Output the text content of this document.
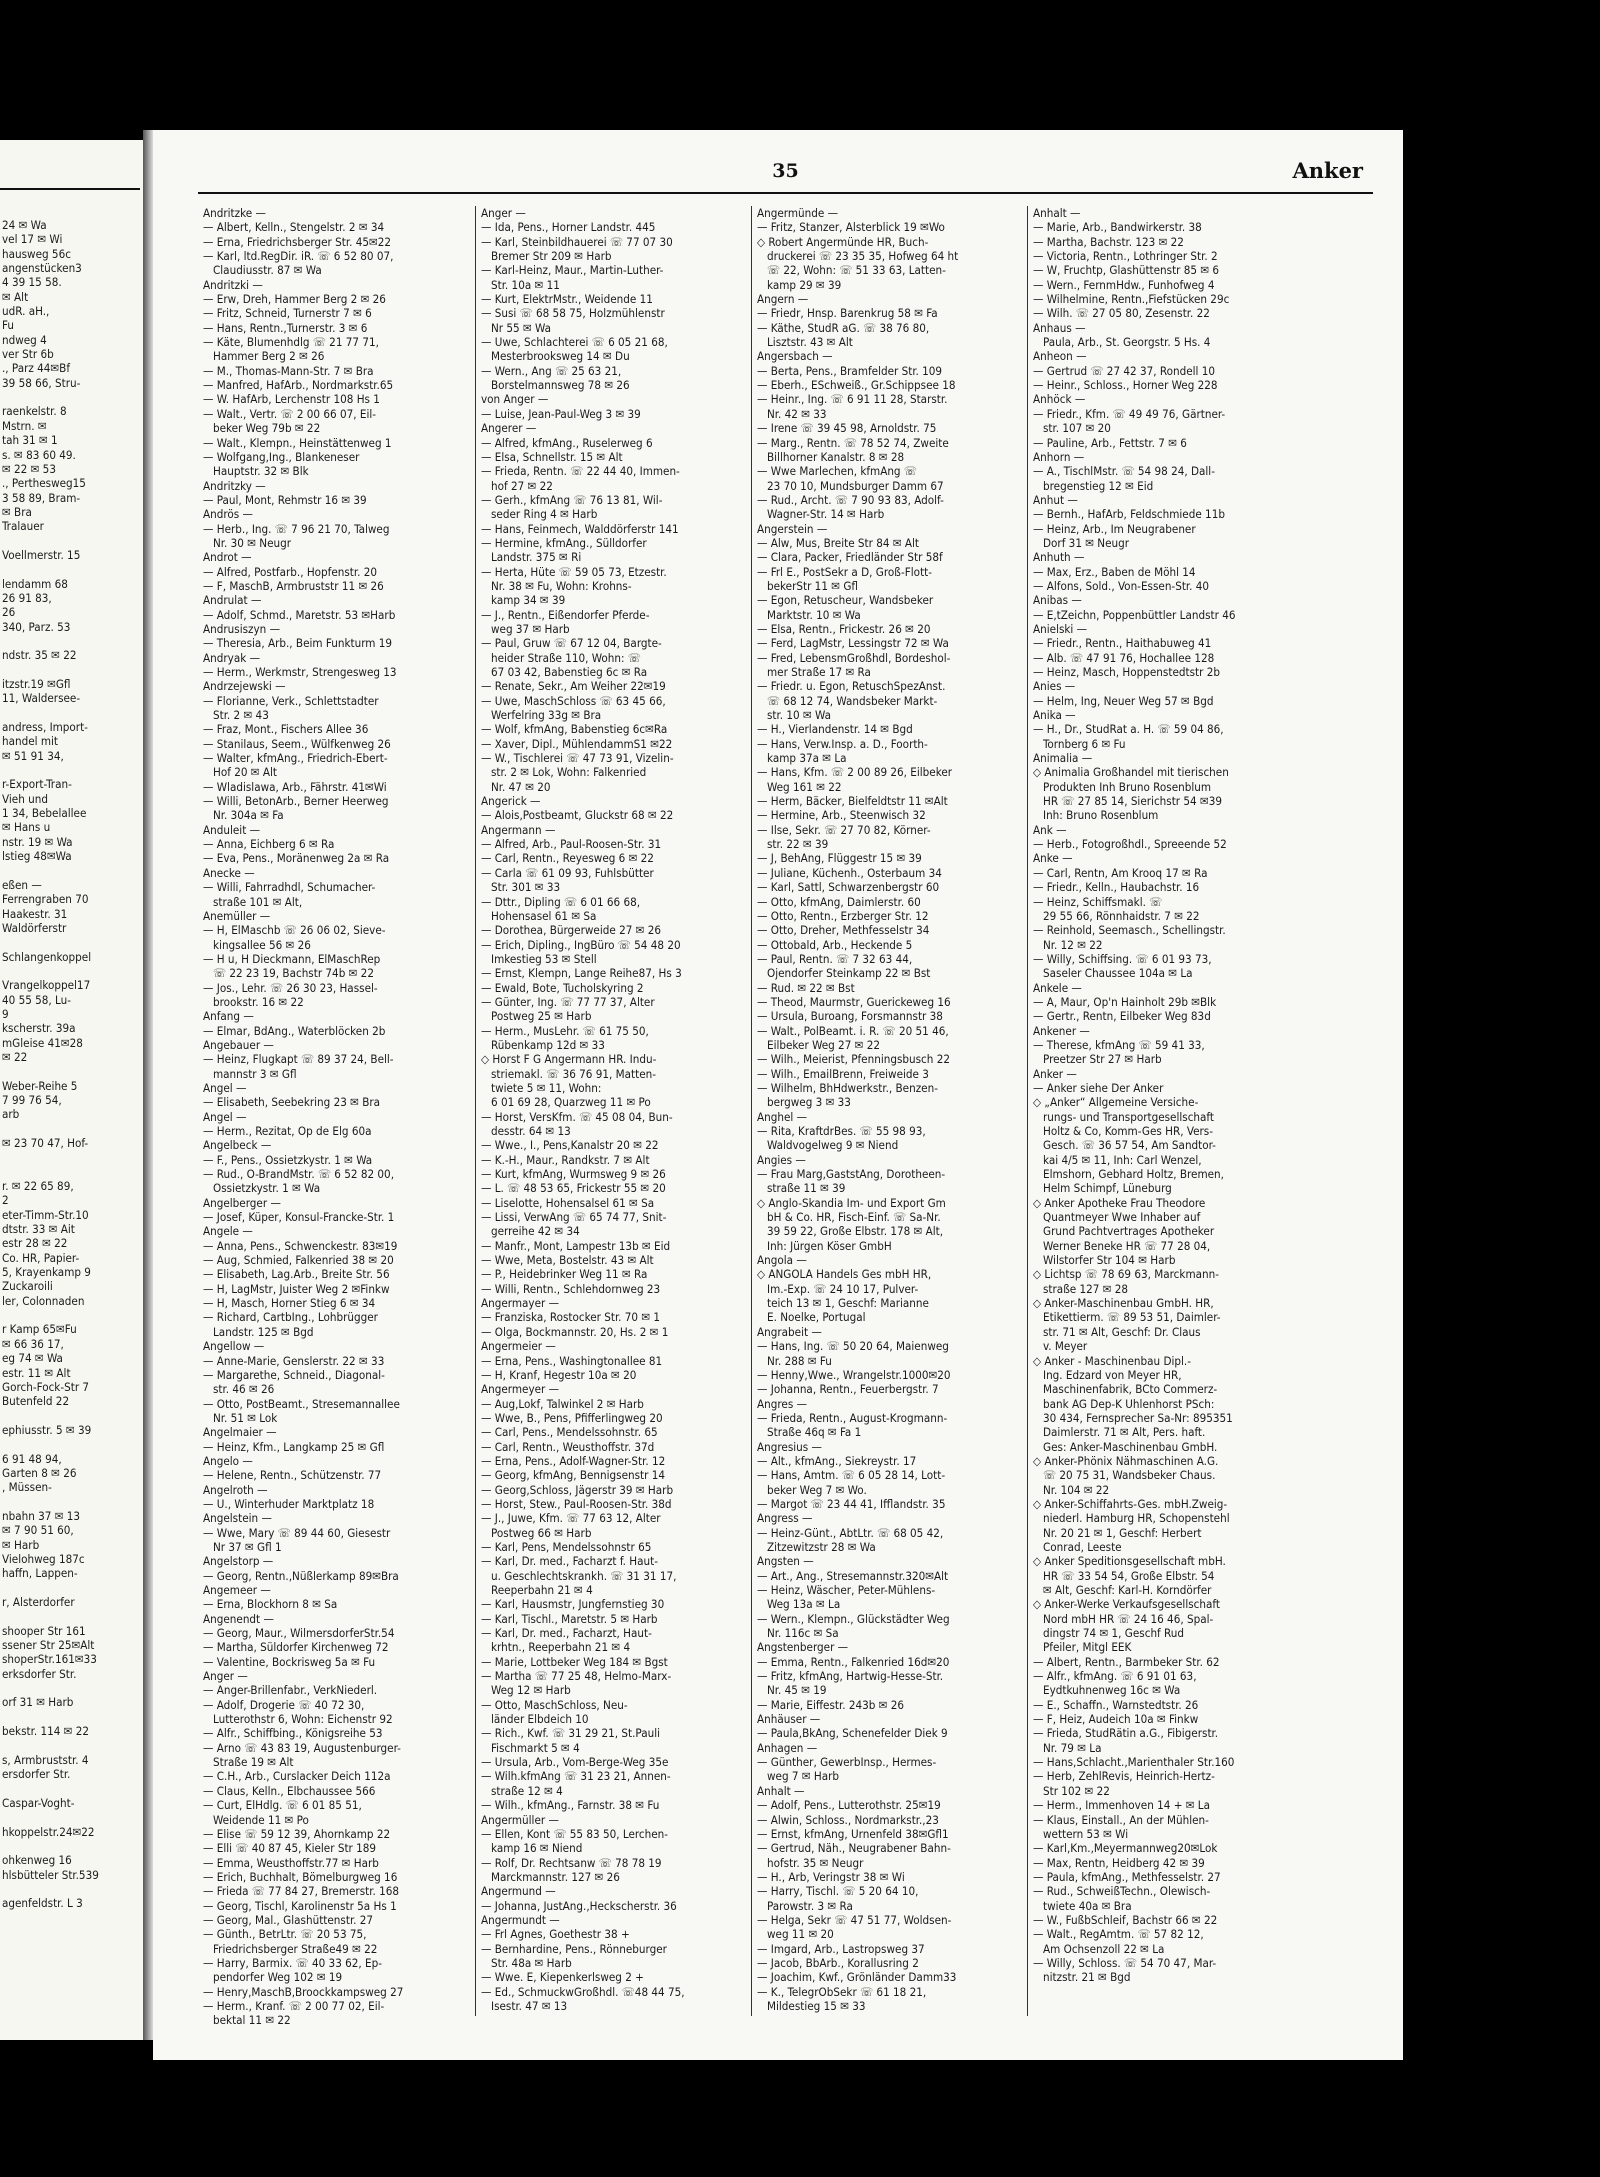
24 ✉ Wa
vel 17 ✉ Wi
hausweg 56c
angenstücken3
4 39 15 58.
✉ Alt
udR. aH.,
Fu
ndweg 4
ver Str 6b
., Parz 44✉Bf
39 58 66, Stru-

raenkelstr. 8
Mstrn. ✉
tah 31 ✉ 1
s. ✉ 83 60 49.
✉ 22 ✉ 53
., Perthesweg15
3 58 89, Bram-
✉ Bra
Tralauer

Voellmerstr. 15

lendamm 68
26 91 83,
26
340, Parz. 53

ndstr. 35 ✉ 22

itzstr.19 ✉Gfl
11, Waldersee-

andress, Import-
handel mit
✉ 51 91 34,

r-Export-Tran-
Vieh und
1 34, Bebelallee
✉ Hans u
nstr. 19 ✉ Wa
lstieg 48✉Wa

eßen —
Ferrengraben 70
Haakestr. 31
Waldörferstr

Schlangenkoppel

Vrangelkoppel17
40 55 58, Lu-
9
kscherstr. 39a
mGleise 41✉28
✉ 22

Weber-Reihe 5
7 99 76 54,
arb

✉ 23 70 47, Hof-

r. ✉ 22 65 89,
2
eter-Timm-Str.10
dtstr. 33 ✉ Ait
estr 28 ✉ 22
Co. HR, Papier-
5, Krayenkamp 9
Zuckaroili
ler, Colonnaden

r Kamp 65✉Fu
✉ 66 36 17,
eg 74 ✉ Wa
estr. 11 ✉ Alt
Gorch-Fock-Str 7
Butenfeld 22

ephiusstr. 5 ✉ 39

6 91 48 94,
Garten 8 ✉ 26
, Müssen-

nbahn 37 ✉ 13
✉ 7 90 51 60,
✉ Harb
Vielohweg 187c
haffn, Lappen-

r, Alsterdorfer

shooper Str 161
ssener Str 25✉Alt
shoperStr.161✉33
erksdorfer Str.

orf 31 ✉ Harb

bekstr. 114 ✉ 22

s, Armbruststr. 4
ersdorfer Str.

Caspar-Voght-

hkoppelstr.24✉22

ohkenweg 16
hlsbütteler Str.539

agenfeldstr. L 3
35	Anker
Andritzke —
— Albert, Kelln., Stengelstr. 2 ✉ 34
— Erna, Friedrichsberger Str. 45✉22
— Karl, ltd.RegDir. iR. ☏ 6 52 80 07,
Claudiusstr. 87 ✉ Wa
Andritzki —
— Erw, Dreh, Hammer Berg 2 ✉ 26
— Fritz, Schneid, Turnerstr 7 ✉ 6
— Hans, Rentn.,Turnerstr. 3 ✉ 6
— Käte, Blumenhdlg ☏ 21 77 71,
Hammer Berg 2 ✉ 26
— M., Thomas-Mann-Str. 7 ✉ Bra
— Manfred, HafArb., Nordmarkstr.65
— W. HafArb, Lerchenstr 108 Hs 1
— Walt., Vertr. ☏ 2 00 66 07, Eil-
beker Weg 79b ✉ 22
— Walt., Klempn., Heinstättenweg 1
— Wolfgang,Ing., Blankeneser
Hauptstr. 32 ✉ Blk
Andritzky —
— Paul, Mont, Rehmstr 16 ✉ 39
Andrös —
— Herb., Ing. ☏ 7 96 21 70, Talweg
Nr. 30 ✉ Neugr
Androt —
— Alfred, Postfarb., Hopfenstr. 20
— F, MaschB, Armbruststr 11 ✉ 26
Andrulat —
— Adolf, Schmd., Maretstr. 53 ✉Harb
Andrusiszyn —
— Theresia, Arb., Beim Funkturm 19
Andryak —
— Herm., Werkmstr, Strengesweg 13
Andrzejewski —
— Florianne, Verk., Schlettstadter
Str. 2 ✉ 43
— Fraz, Mont., Fischers Allee 36
— Stanilaus, Seem., Wülfkenweg 26
— Walter, kfmAng., Friedrich-Ebert-
Hof 20 ✉ Alt
— Wladislawa, Arb., Fährstr. 41✉Wi
— Willi, BetonArb., Berner Heerweg
Nr. 304a ✉ Fa
Anduleit —
— Anna, Eichberg 6 ✉ Ra
— Eva, Pens., Moränenweg 2a ✉ Ra
Anecke —
— Willi, Fahrradhdl, Schumacher-
straße 101 ✉ Alt,
Anemüller —
— H, ElMaschb ☏ 26 06 02, Sieve-
kingsallee 56 ✉ 26
— H u, H Dieckmann, ElMaschRep
☏ 22 23 19, Bachstr 74b ✉ 22
— Jos., Lehr. ☏ 26 30 23, Hassel-
brookstr. 16 ✉ 22
Anfang —
— Elmar, BdAng., Waterblöcken 2b
Angebauer —
— Heinz, Flugkapt ☏ 89 37 24, Bell-
mannstr 3 ✉ Gfl
Angel —
— Elisabeth, Seebekring 23 ✉ Bra
Angel —
— Herm., Rezitat, Op de Elg 60a
Angelbeck —
— F., Pens., Ossietzkystr. 1 ✉ Wa
— Rud., O-BrandMstr. ☏ 6 52 82 00,
Ossietzkystr. 1 ✉ Wa
Angelberger —
— Josef, Küper, Konsul-Francke-Str. 1
Angele —
— Anna, Pens., Schwenckestr. 83✉19
— Aug, Schmied, Falkenried 38 ✉ 20
— Elisabeth, Lag.Arb., Breite Str. 56
— H, LagMstr, Juister Weg 2 ✉Finkw
— H, Masch, Horner Stieg 6 ✉ 34
— Richard, CartbIng., Lohbrügger
Landstr. 125 ✉ Bgd
Angellow —
— Anne-Marie, Genslerstr. 22 ✉ 33
— Margarethe, Schneid., Diagonal-
str. 46 ✉ 26
— Otto, PostBeamt., Stresemannallee
Nr. 51 ✉ Lok
Angelmaier —
— Heinz, Kfm., Langkamp 25 ✉ Gfl
Angelo —
— Helene, Rentn., Schützenstr. 77
Angelroth —
— U., Winterhuder Marktplatz 18
Angelstein —
— Wwe, Mary ☏ 89 44 60, Giesestr
Nr 37 ✉ Gfl 1
Angelstorp —
— Georg, Rentn.,Nüßlerkamp 89✉Bra
Angemeer —
— Erna, Blockhorn 8 ✉ Sa
Angenendt —
— Georg, Maur., WilmersdorferStr.54
— Martha, Süldorfer Kirchenweg 72
— Valentine, Bockrisweg 5a ✉ Fu
Anger —
— Anger-Brillenfabr., VerkNiederl.
— Adolf, Drogerie ☏ 40 72 30,
Lutterothstr 6, Wohn: Eichenstr 92
— Alfr., Schiffbing., Königsreihe 53
— Arno ☏ 43 83 19, Augustenburger-
Straße 19 ✉ Alt
— C.H., Arb., Curslacker Deich 112a
— Claus, Kelln., Elbchaussee 566
— Curt, ElHdlg. ☏ 6 01 85 51,
Weidende 11 ✉ Po
— Elise ☏ 59 12 39, Ahornkamp 22
— Elli ☏ 40 87 45, Kieler Str 189
— Emma, Weusthoffstr.77 ✉ Harb
— Erich, Buchhalt, Bömelburgweg 16
— Frieda ☏ 77 84 27, Bremerstr. 168
— Georg, Tischl, Karolinenstr 5a Hs 1
— Georg, Mal., Glashüttenstr. 27
— Günth., BetrLtr. ☏ 20 53 75,
Friedrichsberger Straße49 ✉ 22
— Harry, Barmix. ☏ 40 33 62, Ep-
pendorfer Weg 102 ✉ 19
— Henry,MaschB,Broockkampsweg 27
— Herm., Kranf. ☏ 2 00 77 02, Eil-
bektal 11 ✉ 22
Anger —
— Ida, Pens., Horner Landstr. 445
— Karl, Steinbildhauerei ☏ 77 07 30
Bremer Str 209 ✉ Harb
— Karl-Heinz, Maur., Martin-Luther-
Str. 10a ✉ 11
— Kurt, ElektrMstr., Weidende 11
— Susi ☏ 68 58 75, Holzmühlenstr
Nr 55 ✉ Wa
— Uwe, Schlachterei ☏ 6 05 21 68,
Mesterbrooksweg 14 ✉ Du
— Wern., Ang ☏ 25 63 21,
Borstelmannsweg 78 ✉ 26
von Anger —
— Luise, Jean-Paul-Weg 3 ✉ 39
Angerer —
— Alfred, kfmAng., Ruselerweg 6
— Elsa, Schnellstr. 15 ✉ Alt
— Frieda, Rentn. ☏ 22 44 40, Immen-
hof 27 ✉ 22
— Gerh., kfmAng ☏ 76 13 81, Wil-
seder Ring 4 ✉ Harb
— Hans, Feinmech, Walddörferstr 141
— Hermine, kfmAng., Sülldorfer
Landstr. 375 ✉ Ri
— Herta, Hüte ☏ 59 05 73, Etzestr.
Nr. 38 ✉ Fu, Wohn: Krohns-
kamp 34 ✉ 39
— J., Rentn., Eißendorfer Pferde-
weg 37 ✉ Harb
— Paul, Gruw ☏ 67 12 04, Bargte-
heider Straße 110, Wohn: ☏
67 03 42, Babenstieg 6c ✉ Ra
— Renate, Sekr., Am Weiher 22✉19
— Uwe, MaschSchloss ☏ 63 45 66,
Werfelring 33g ✉ Bra
— Wolf, kfmAng, Babenstieg 6c✉Ra
— Xaver, Dipl., MühlendammS1 ✉22
— W., Tischlerei ☏ 47 73 91, Vizelin-
str. 2 ✉ Lok, Wohn: Falkenried
Nr. 47 ✉ 20
Angerick —
— Alois,Postbeamt, Gluckstr 68 ✉ 22
Angermann —
— Alfred, Arb., Paul-Roosen-Str. 31
— Carl, Rentn., Reyesweg 6 ✉ 22
— Carla ☏ 61 09 93, Fuhlsbütter
Str. 301 ✉ 33
— Dttr., Dipling ☏ 6 01 66 68,
Hohensasel 61 ✉ Sa
— Dorothea, Bürgerweide 27 ✉ 26
— Erich, Dipling., IngBüro ☏ 54 48 20
Imkestieg 53 ✉ Stell
— Ernst, Klempn, Lange Reihe87, Hs 3
— Ewald, Bote, Tucholskyring 2
— Günter, Ing. ☏ 77 77 37, Alter
Postweg 25 ✉ Harb
— Herm., MusLehr. ☏ 61 75 50,
Rübenkamp 12d ✉ 33
◇ Horst F G Angermann HR. Indu-
striemakl. ☏ 36 76 91, Matten-
twiete 5 ✉ 11, Wohn:
6 01 69 28, Quarzweg 11 ✉ Po
— Horst, VersKfm. ☏ 45 08 04, Bun-
desstr. 64 ✉ 13
— Wwe., I., Pens,Kanalstr 20 ✉ 22
— K.-H., Maur., Randkstr. 7 ✉ Alt
— Kurt, kfmAng, Wurmsweg 9 ✉ 26
— L. ☏ 48 53 65, Frickestr 55 ✉ 20
— Liselotte, Hohensalsel 61 ✉ Sa
— Lissi, VerwAng ☏ 65 74 77, Snit-
gerreihe 42 ✉ 34
— Manfr., Mont, Lampestr 13b ✉ Eid
— Wwe, Meta, Bostelstr. 43 ✉ Alt
— P., Heidebrinker Weg 11 ✉ Ra
— Willi, Rentn., Schlehdornweg 23
Angermayer —
— Franziska, Rostocker Str. 70 ✉ 1
— Olga, Bockmannstr. 20, Hs. 2 ✉ 1
Angermeier —
— Erna, Pens., Washingtonallee 81
— H, Kranf, Hegestr 10a ✉ 20
Angermeyer —
— Aug,Lokf, Talwinkel 2 ✉ Harb
— Wwe, B., Pens, Pfifferlingweg 20
— Carl, Pens., Mendelssohnstr. 65
— Carl, Rentn., Weusthoffstr. 37d
— Erna, Pens., Adolf-Wagner-Str. 12
— Georg, kfmAng, Bennigsenstr 14
— Georg,Schloss, Jägerstr 39 ✉ Harb
— Horst, Stew., Paul-Roosen-Str. 38d
— J., Juwe, Kfm. ☏ 77 63 12, Alter
Postweg 66 ✉ Harb
— Karl, Pens, Mendelssohnstr 65
— Karl, Dr. med., Facharzt f. Haut-
u. Geschlechtskrankh. ☏ 31 31 17,
Reeperbahn 21 ✉ 4
— Karl, Hausmstr, Jungfernstieg 30
— Karl, Tischl., Maretstr. 5 ✉ Harb
— Karl, Dr. med., Facharzt, Haut-
krhtn., Reeperbahn 21 ✉ 4
— Marie, Lottbeker Weg 184 ✉ Bgst
— Martha ☏ 77 25 48, Helmo-Marx-
Weg 12 ✉ Harb
— Otto, MaschSchloss, Neu-
länder Elbdeich 10
— Rich., Kwf. ☏ 31 29 21, St.Pauli
Fischmarkt 5 ✉ 4
— Ursula, Arb., Vom-Berge-Weg 35e
— Wilh.kfmAng ☏ 31 23 21, Annen-
straße 12 ✉ 4
— Wilh., kfmAng., Farnstr. 38 ✉ Fu
Angermüller —
— Ellen, Kont ☏ 55 83 50, Lerchen-
kamp 16 ✉ Niend
— Rolf, Dr. Rechtsanw ☏ 78 78 19
Marckmannstr. 127 ✉ 26
Angermund —
— Johanna, JustAng.,Heckscherstr. 36
Angermundt —
— Frl Agnes, Goethestr 38 +
— Bernhardine, Pens., Rönneburger
Str. 48a ✉ Harb
— Wwe. E, Kiepenkerlsweg 2 +
— Ed., SchmuckwGroßhdl. ☏48 44 75,
Isestr. 47 ✉ 13
Angermünde —
— Fritz, Stanzer, Alsterblick 19 ✉Wo
◇ Robert Angermünde HR, Buch-
druckerei ☏ 23 35 35, Hofweg 64 ht
☏ 22, Wohn: ☏ 51 33 63, Latten-
kamp 29 ✉ 39
Angern —
— Friedr, Hnsp. Barenkrug 58 ✉ Fa
— Käthe, StudR aG. ☏ 38 76 80,
Lisztstr. 43 ✉ Alt
Angersbach —
— Berta, Pens., Bramfelder Str. 109
— Eberh., ESchweiß., Gr.Schippsee 18
— Heinr., Ing. ☏ 6 91 11 28, Starstr.
Nr. 42 ✉ 33
— Irene ☏ 39 45 98, Arnoldstr. 75
— Marg., Rentn. ☏ 78 52 74, Zweite
Billhorner Kanalstr. 8 ✉ 28
— Wwe Marlechen, kfmAng ☏
23 70 10, Mundsburger Damm 67
— Rud., Archt. ☏ 7 90 93 83, Adolf-
Wagner-Str. 14 ✉ Harb
Angerstein —
— Alw, Mus, Breite Str 84 ✉ Alt
— Clara, Packer, Friedländer Str 58f
— Frl E., PostSekr a D, Groß-Flott-
bekerStr 11 ✉ Gfl
— Egon, Retuscheur, Wandsbeker
Marktstr. 10 ✉ Wa
— Elsa, Rentn., Frickestr. 26 ✉ 20
— Ferd, LagMstr, Lessingstr 72 ✉ Wa
— Fred, LebensmGroßhdl, Bordeshol-
mer Straße 17 ✉ Ra
— Friedr. u. Egon, RetuschSpezAnst.
☏ 68 12 74, Wandsbeker Markt-
str. 10 ✉ Wa
— H., Vierlandenstr. 14 ✉ Bgd
— Hans, Verw.Insp. a. D., Foorth-
kamp 37a ✉ La
— Hans, Kfm. ☏ 2 00 89 26, Eilbeker
Weg 161 ✉ 22
— Herm, Bäcker, Bielfeldtstr 11 ✉Alt
— Hermine, Arb., Steenwisch 32
— Ilse, Sekr. ☏ 27 70 82, Körner-
str. 22 ✉ 39
— J, BehAng, Flüggestr 15 ✉ 39
— Juliane, Küchenh., Osterbaum 34
— Karl, Sattl, Schwarzenbergstr 60
— Otto, kfmAng, Daimlerstr. 60
— Otto, Rentn., Erzberger Str. 12
— Otto, Dreher, Methfesselstr 34
— Ottobald, Arb., Heckende 5
— Paul, Rentn. ☏ 7 32 63 44,
Ojendorfer Steinkamp 22 ✉ Bst
— Rud. ✉ 22 ✉ Bst
— Theod, Maurmstr, Guerickeweg 16
— Ursula, Buroang, Forsmannstr 38
— Walt., PolBeamt. i. R. ☏ 20 51 46,
Eilbeker Weg 27 ✉ 22
— Wilh., Meierist, Pfenningsbusch 22
— Wilh., EmailBrenn, Freiweide 3
— Wilhelm, BhHdwerkstr., Benzen-
bergweg 3 ✉ 33
Anghel —
— Rita, KraftdrBes. ☏ 55 98 93,
Waldvogelweg 9 ✉ Niend
Angies —
— Frau Marg,GaststAng, Dorotheen-
straße 11 ✉ 39
◇ Anglo-Skandia Im- und Export Gm
bH & Co. HR, Fisch-Einf. ☏ Sa-Nr.
39 59 22, Große Elbstr. 178 ✉ Alt,
Inh: Jürgen Köser GmbH
Angola —
◇ ANGOLA Handels Ges mbH HR,
Im.-Exp. ☏ 24 10 17, Pulver-
teich 13 ✉ 1, Geschf: Marianne
E. Noelke, Portugal
Angrabeit —
— Hans, Ing. ☏ 50 20 64, Maienweg
Nr. 288 ✉ Fu
— Henny,Wwe., Wrangelstr.1000✉20
— Johanna, Rentn., Feuerbergstr. 7
Angres —
— Frieda, Rentn., August-Krogmann-
Straße 46q ✉ Fa 1
Angresius —
— Alt., kfmAng., Siekreystr. 17
— Hans, Amtm. ☏ 6 05 28 14, Lott-
beker Weg 7 ✉ Wo.
— Margot ☏ 23 44 41, Ifflandstr. 35
Angress —
— Heinz-Günt., AbtLtr. ☏ 68 05 42,
Zitzewitzstr 28 ✉ Wa
Angsten —
— Art., Ang., Stresemannstr.320✉Alt
— Heinz, Wäscher, Peter-Mühlens-
Weg 13a ✉ La
— Wern., Klempn., Glückstädter Weg
Nr. 116c ✉ Sa
Angstenberger —
— Emma, Rentn., Falkenried 16d✉20
— Fritz, kfmAng, Hartwig-Hesse-Str.
Nr. 45 ✉ 19
— Marie, Eiffestr. 243b ✉ 26
Anhäuser —
— Paula,BkAng, Schenefelder Diek 9
Anhagen —
— Günther, GewerbInsp., Hermes-
weg 7 ✉ Harb
Anhalt —
— Adolf, Pens., Lutterothstr. 25✉19
— Alwin, Schloss., Nordmarkstr.,23
— Ernst, kfmAng, Urnenfeld 38✉Gfl1
— Gertrud, Näh., Neugrabener Bahn-
hofstr. 35 ✉ Neugr
— H., Arb, Veringstr 38 ✉ Wi
— Harry, Tischl. ☏ 5 20 64 10,
Parowstr. 3 ✉ Ra
— Helga, Sekr ☏ 47 51 77, Woldsen-
weg 11 ✉ 20
— Imgard, Arb., Lastropsweg 37
— Jacob, BbArb., Korallusring 2
— Joachim, Kwf., Grönländer Damm33
— K., TelegrObSekr ☏ 61 18 21,
Mildestieg 15 ✉ 33
Anhalt —
— Marie, Arb., Bandwirkerstr. 38
— Martha, Bachstr. 123 ✉ 22
— Victoria, Rentn., Lothringer Str. 2
— W, Fruchtp, Glashüttenstr 85 ✉ 6
— Wern., FernmHdw., Funhofweg 4
— Wilhelmine, Rentn.,Fiefstücken 29c
— Wilh. ☏ 27 05 80, Zesenstr. 22
Anhaus —
Paula, Arb., St. Georgstr. 5 Hs. 4
Anheon —
— Gertrud ☏ 27 42 37, Rondell 10
— Heinr., Schloss., Horner Weg 228
Anhöck —
— Friedr., Kfm. ☏ 49 49 76, Gärtner-
str. 107 ✉ 20
— Pauline, Arb., Fettstr. 7 ✉ 6
Anhorn —
— A., TischlMstr. ☏ 54 98 24, Dall-
bregenstieg 12 ✉ Eid
Anhut —
— Bernh., HafArb, Feldschmiede 11b
— Heinz, Arb., Im Neugrabener
Dorf 31 ✉ Neugr
Anhuth —
— Max, Erz., Baben de Möhl 14
— Alfons, Sold., Von-Essen-Str. 40
Anibas —
— E,tZeichn, Poppenbüttler Landstr 46
Anielski —
— Friedr., Rentn., Haithabuweg 41
— Alb. ☏ 47 91 76, Hochallee 128
— Heinz, Masch, Hoppenstedtstr 2b
Anies —
— Helm, Ing, Neuer Weg 57 ✉ Bgd
Anika —
— H., Dr., StudRat a. H. ☏ 59 04 86,
Tornberg 6 ✉ Fu
Animalia —
◇ Animalia Großhandel mit tierischen
Produkten Inh Bruno Rosenblum
HR ☏ 27 85 14, Sierichstr 54 ✉39
Inh: Bruno Rosenblum
Ank —
— Herb., Fotogroßhdl., Spreeende 52
Anke —
— Carl, Rentn, Am Krooq 17 ✉ Ra
— Friedr., Kelln., Haubachstr. 16
— Heinz, Schiffsmakl. ☏
29 55 66, Rönnhaidstr. 7 ✉ 22
— Reinhold, Seemasch., Schellingstr.
Nr. 12 ✉ 22
— Willy, Schiffsing. ☏ 6 01 93 73,
Saseler Chaussee 104a ✉ La
Ankele —
— A, Maur, Op'n Hainholt 29b ✉Blk
— Gertr., Rentn, Eilbeker Weg 83d
Ankener —
— Therese, kfmAng ☏ 59 41 33,
Preetzer Str 27 ✉ Harb
Anker —
— Anker siehe Der Anker
◇ „Anker“ Allgemeine Versiche-
rungs- und Transportgesellschaft
Holtz & Co, Komm-Ges HR, Vers-
Gesch. ☏ 36 57 54, Am Sandtor-
kai 4/5 ✉ 11, Inh: Carl Wenzel,
Elmshorn, Gebhard Holtz, Bremen,
Helm Schimpf, Lüneburg
◇ Anker Apotheke Frau Theodore
Quantmeyer Wwe Inhaber auf
Grund Pachtvertrages Apotheker
Werner Beneke HR ☏ 77 28 04,
Wilstorfer Str 104 ✉ Harb
◇ Lichtsp ☏ 78 69 63, Marckmann-
straße 127 ✉ 28
◇ Anker-Maschinenbau GmbH. HR,
Etikettierm. ☏ 89 53 51, Daimler-
str. 71 ✉ Alt, Geschf: Dr. Claus
v. Meyer
◇ Anker - Maschinenbau Dipl.-
Ing. Edzard von Meyer HR,
Maschinenfabrik, BCto Commerz-
bank AG Dep-K Uhlenhorst PSch:
30 434, Fernsprecher Sa-Nr: 895351
Daimlerstr. 71 ✉ Alt, Pers. haft.
Ges: Anker-Maschinenbau GmbH.
◇ Anker-Phönix Nähmaschinen A.G.
☏ 20 75 31, Wandsbeker Chaus.
Nr. 104 ✉ 22
◇ Anker-Schiffahrts-Ges. mbH.Zweig-
niederl. Hamburg HR, Schopenstehl
Nr. 20 21 ✉ 1, Geschf: Herbert
Conrad, Leeste
◇ Anker Speditionsgesellschaft mbH.
HR ☏ 33 54 54, Große Elbstr. 54
✉ Alt, Geschf: Karl-H. Korndörfer
◇ Anker-Werke Verkaufsgesellschaft
Nord mbH HR ☏ 24 16 46, Spal-
dingstr 74 ✉ 1, Geschf Rud
Pfeiler, Mitgl EEK
— Albert, Rentn., Barmbeker Str. 62
— Alfr., kfmAng. ☏ 6 91 01 63,
Eydtkuhnenweg 16c ✉ Wa
— E., Schaffn., Warnstedtstr. 26
— F, Heiz, Audeich 10a ✉ Finkw
— Frieda, StudRätin a.G., Fibigerstr.
Nr. 79 ✉ La
— Hans,Schlacht.,Marienthaler Str.160
— Herb, ZehlRevis, Heinrich-Hertz-
Str 102 ✉ 22
— Herm., Immenhoven 14 + ✉ La
— Klaus, Einstall., An der Mühlen-
wettern 53 ✉ Wi
— Karl,Km.,Meyermannweg20✉Lok
— Max, Rentn, Heidberg 42 ✉ 39
— Paula, kfmAng., Methfesselstr. 27
— Rud., SchweißTechn., Olewisch-
twiete 40a ✉ Bra
— W., FußbSchleif, Bachstr 66 ✉ 22
— Walt., RegAmtm. ☏ 57 82 12,
Am Ochsenzoll 22 ✉ La
— Willy, Schloss. ☏ 54 70 47, Mar-
nitzstr. 21 ✉ Bgd
